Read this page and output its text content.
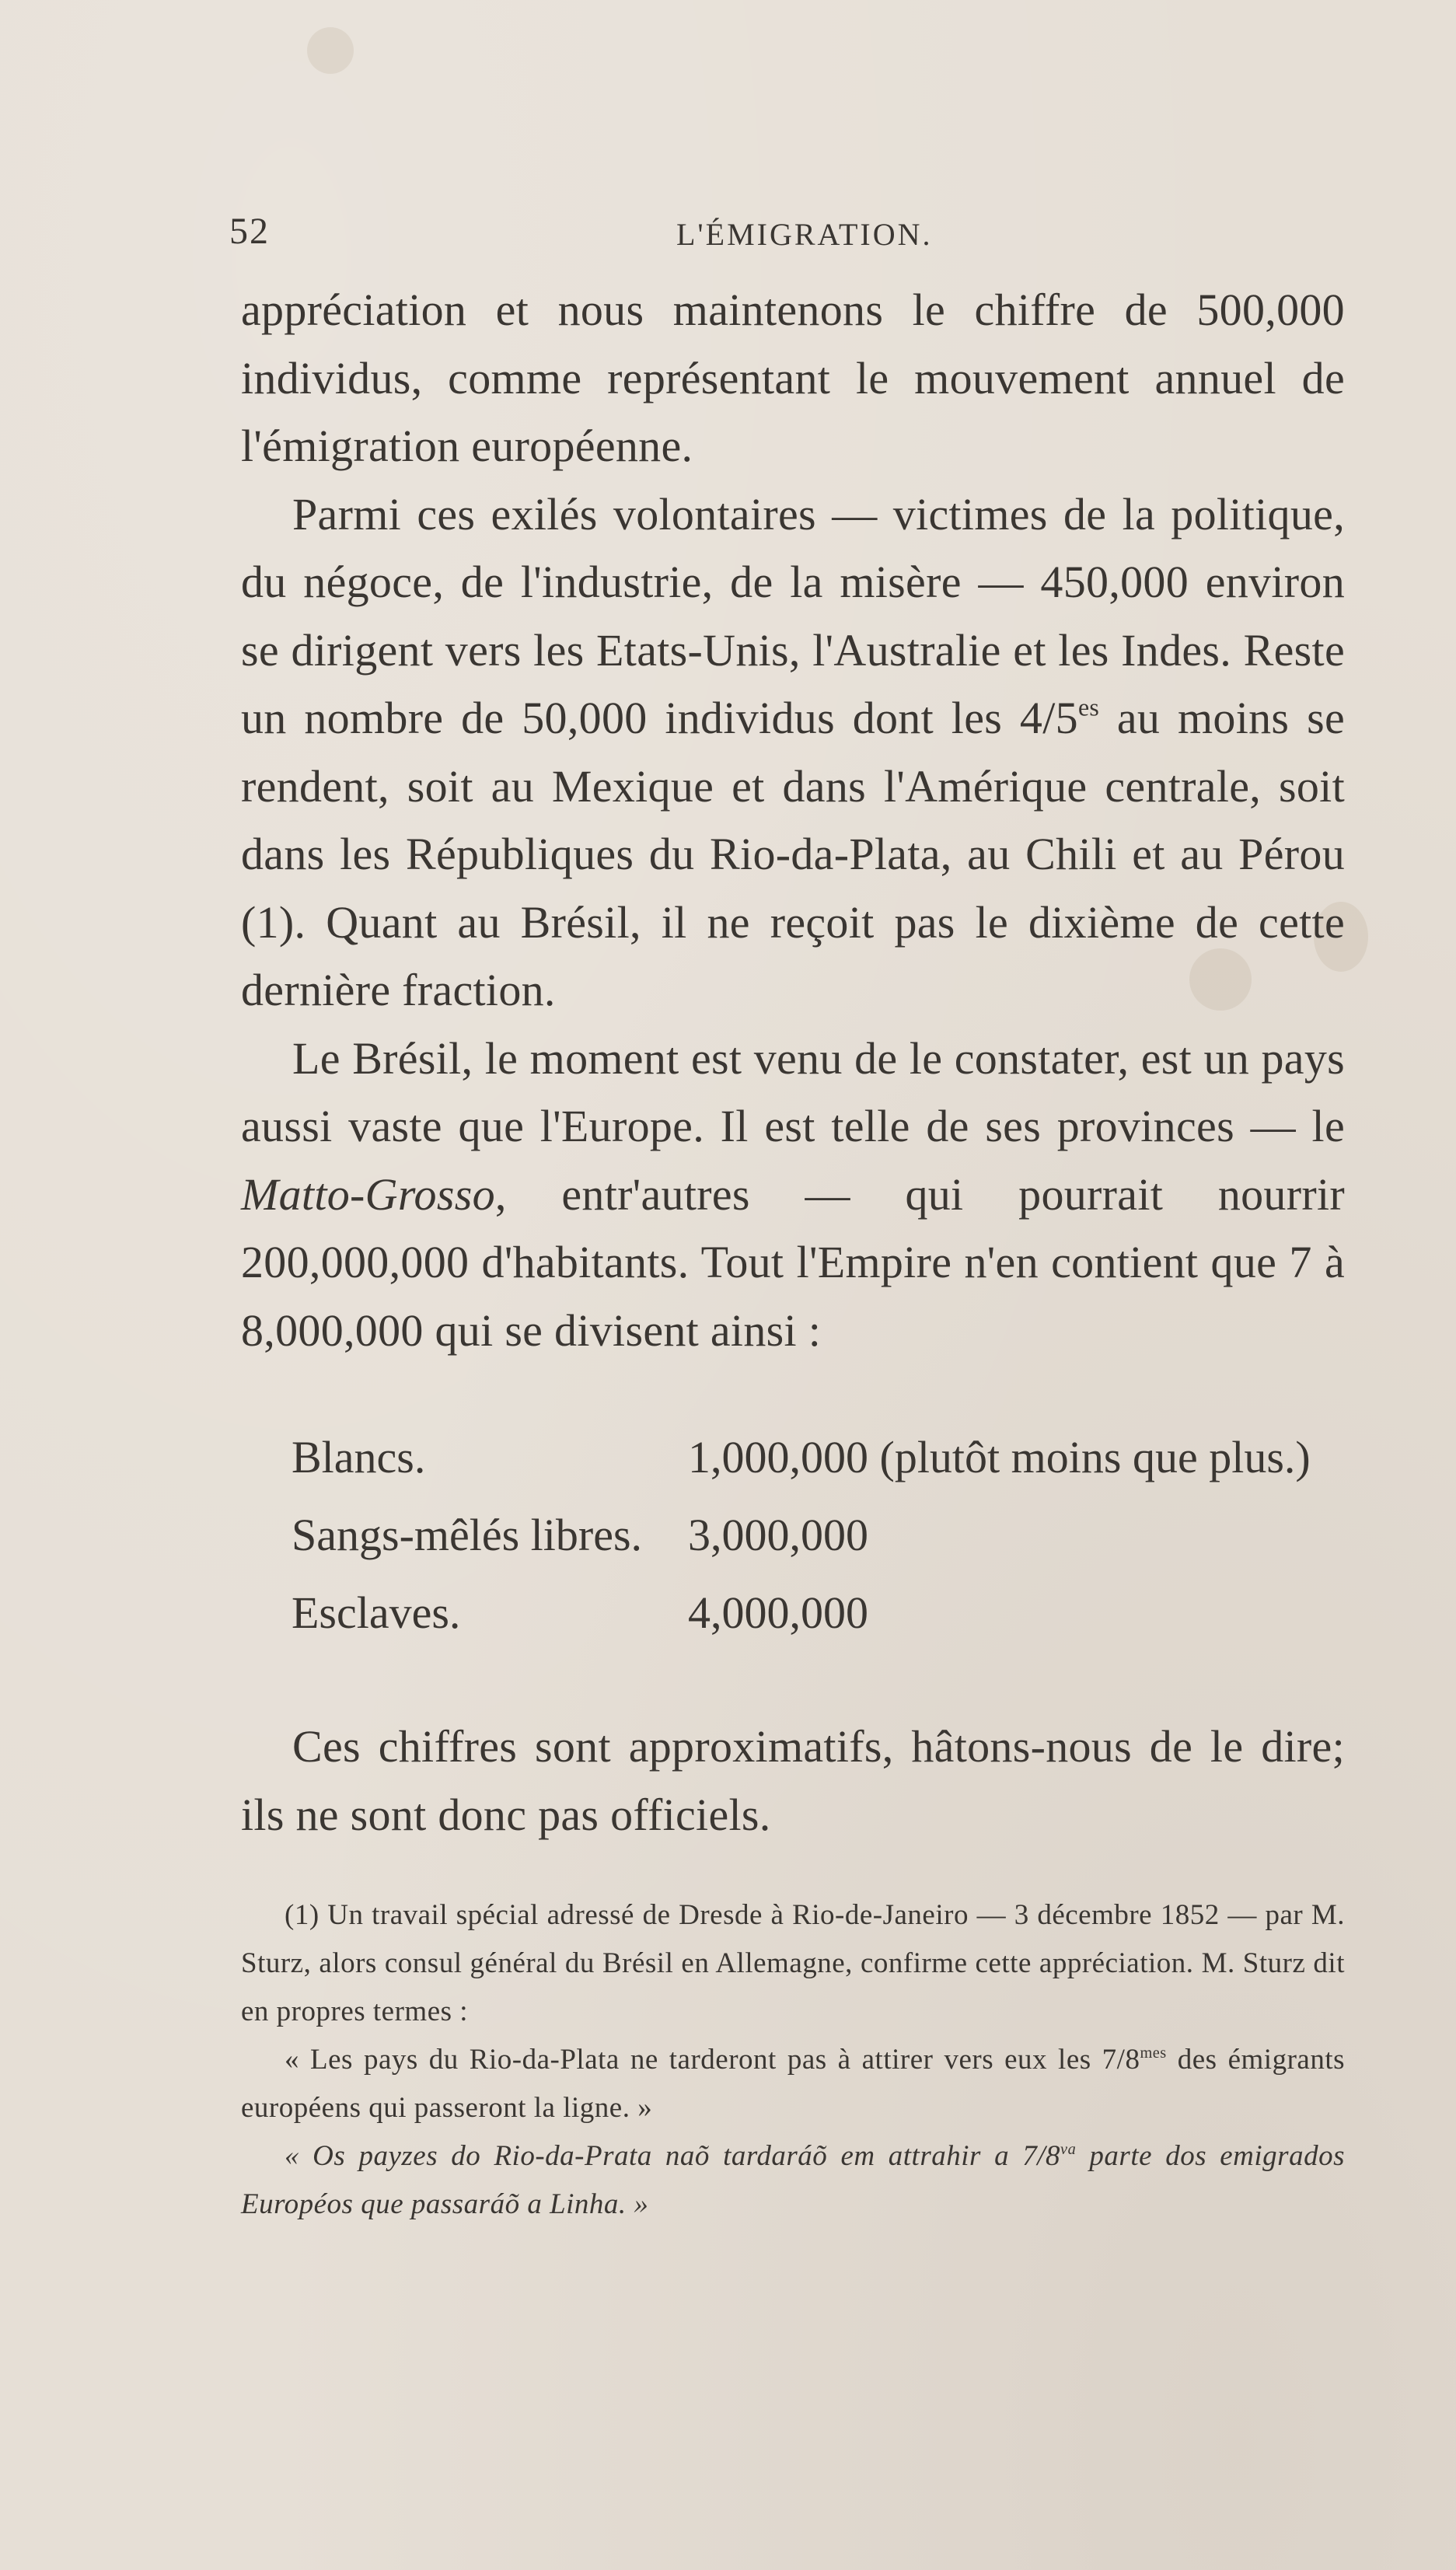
52	L'ÉMIGRATION.

appréciation et nous maintenons le chiffre de 500,000 individus, comme représentant le mouvement annuel de l'émigration européenne.

Parmi ces exilés volontaires — victimes de la politique, du négoce, de l'industrie, de la misère — 450,000 environ se dirigent vers les Etats-Unis, l'Australie et les Indes. Reste un nombre de 50,000 individus dont les $4/5^{es}$ au moins se rendent, soit au Mexique et dans l'Amérique centrale, soit dans les Républiques du Rio-da-Plata, au Chili et au Pérou (1). Quant au Brésil, il ne reçoit pas le dixième de cette dernière fraction.

Le Brésil, le moment est venu de le constater, est un pays aussi vaste que l'Europe. Il est telle de ses provinces — le Matto-Grosso, entr'autres — qui pourrait nourrir 200,000,000 d'habitants. Tout l'Empire n'en contient que 7 à 8,000,000 qui se divisent ainsi :

Blancs.	1,000,000 (plutôt moins que plus.)
Sangs-mêlés libres. 3,000,000
Esclaves.	4,000,000

Ces chiffres sont approximatifs, hâtons-nous de le dire; ils ne sont donc pas officiels.

(1) Un travail spécial adressé de Dresde à Rio-de-Janeiro — 3 décembre 1852 — par M. Sturz, alors consul général du Brésil en Allemagne, confirme cette appréciation. M. Sturz dit en propres termes :

« Les pays du Rio-da-Plata ne tarderont pas à attirer vers eux les $7/8^{mes}$ des émigrants européens qui passeront la ligne. »

« Os payzes do Rio-da-Prata naõ tardaráõ em attrahir a $7/8^{va}$ parte dos emigrados Européos que passaráõ a Linha. »
